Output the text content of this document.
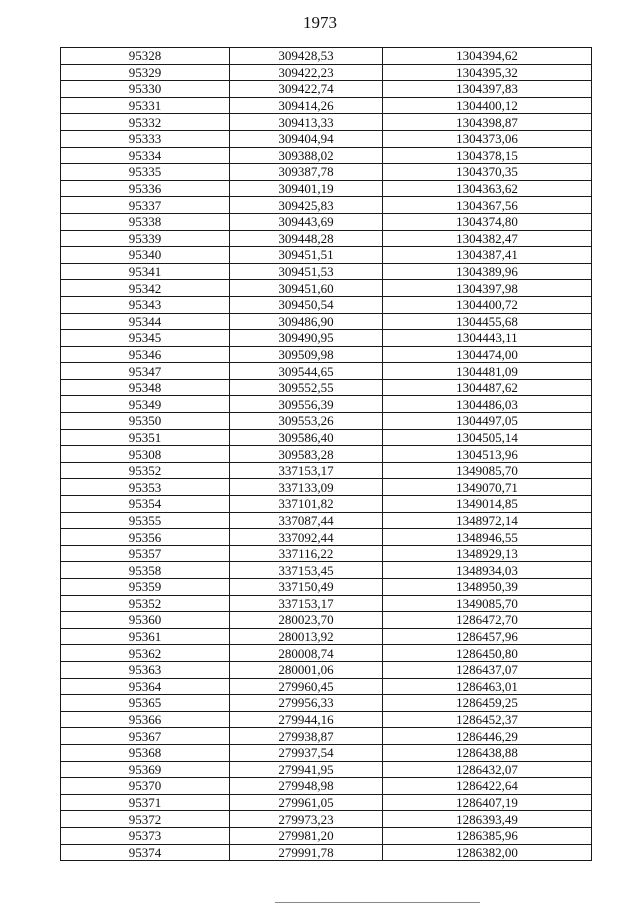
1973
95328	309428,53	1304394,62
95329	309422,23	1304395,32
95330	309422,74	1304397,83
95331	309414,26	1304400,12
95332	309413,33	1304398,87
95333	309404,94	1304373,06
95334	309388,02	1304378,15
95335	309387,78	1304370,35
95336	309401,19	1304363,62
95337	309425,83	1304367,56
95338	309443,69	1304374,80
95339	309448,28	1304382,47
95340	309451,51	1304387,41
95341	309451,53	1304389,96
95342	309451,60	1304397,98
95343	309450,54	1304400,72
95344	309486,90	1304455,68
95345	309490,95	1304443,11
95346	309509,98	1304474,00
95347	309544,65	1304481,09
95348	309552,55	1304487,62
95349	309556,39	1304486,03
95350	309553,26	1304497,05
95351	309586,40	1304505,14
95308	309583,28	1304513,96
95352	337153,17	1349085,70
95353	337133,09	1349070,71
95354	337101,82	1349014,85
95355	337087,44	1348972,14
95356	337092,44	1348946,55
95357	337116,22	1348929,13
95358	337153,45	1348934,03
95359	337150,49	1348950,39
95352	337153,17	1349085,70
95360	280023,70	1286472,70
95361	280013,92	1286457,96
95362	280008,74	1286450,80
95363	280001,06	1286437,07
95364	279960,45	1286463,01
95365	279956,33	1286459,25
95366	279944,16	1286452,37
95367	279938,87	1286446,29
95368	279937,54	1286438,88
95369	279941,95	1286432,07
95370	279948,98	1286422,64
95371	279961,05	1286407,19
95372	279973,23	1286393,49
95373	279981,20	1286385,96
95374	279991,78	1286382,00
